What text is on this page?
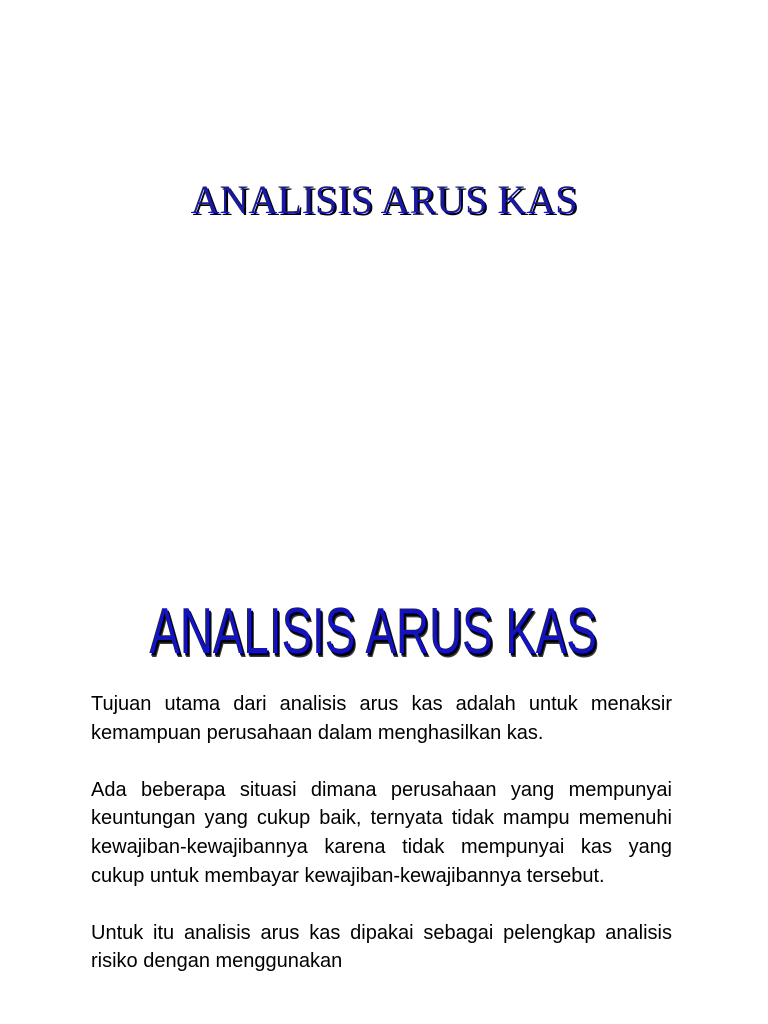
ANALISIS ARUS KAS
ANALISIS ARUS KAS

Tujuan utama dari analisis arus kas adalah untuk menaksir kemampuan perusahaan dalam menghasilkan kas.

Ada beberapa situasi dimana perusahaan yang mempunyai keuntungan yang cukup baik, ternyata tidak mampu memenuhi kewajiban-kewajibannya karena tidak mempunyai kas yang cukup untuk membayar kewajiban-kewajibannya tersebut.

Untuk itu analisis arus kas dipakai sebagai pelengkap analisis risiko dengan menggunakan
